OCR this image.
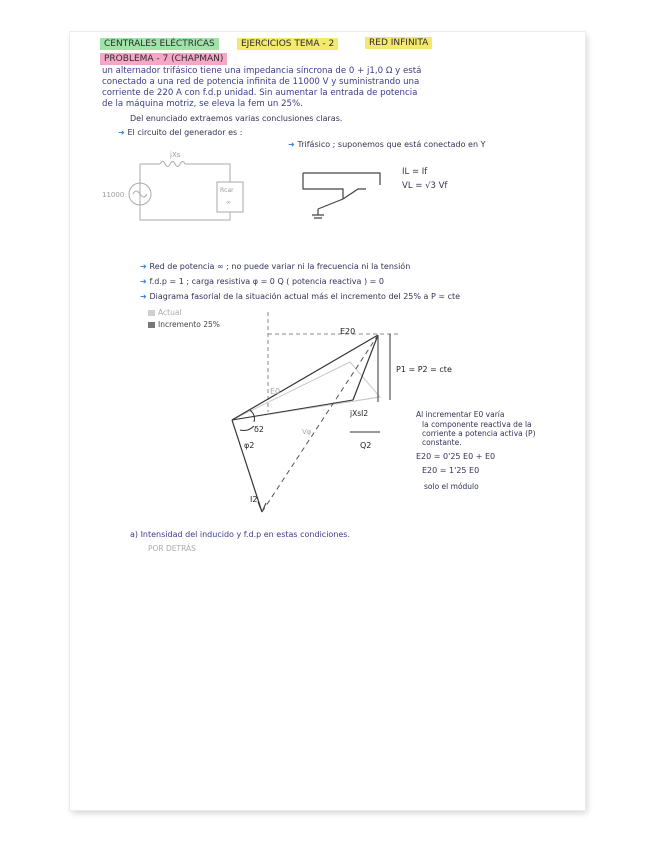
CENTRALES ELÉCTRICAS	EJERCICIOS TEMA - 2	RED INFINITA
PROBLEMA - 7 (CHAPMAN)
un alternador trifásico tiene una impedancia síncrona de 0 + j1,0 Ω y está
conectado a una red de potencia infinita de 11000 V y suministrando una
corriente de 220 A con f.d.p unidad. Sin aumentar la entrada de potencia
de la máquina motriz, se eleva la fem un 25%.
Del enunciado extraemos varias conclusiones claras.
➜ El circuito del generador es :
jXs
11000
Rcar
∞
➜ Trifásico ; suponemos que está conectado en Y
IL = If
VL = √3 Vf
➜ Red de potencia ∞ ; no puede variar ni la frecuencia ni la tensión
➜ f.d.p = 1 ; carga resistiva φ = 0 Q ( potencia reactiva ) = 0
➜ Diagrama fasorial de la situación actual más el incremento del 25% a P = cte
Actual
Incremento 25%
E20
E0
δ2
φ2
I2
jXsI2
Q2
P1 = P2 = cte
Vφ
Al incrementar E0 varía
la componente reactiva de la
corriente a potencia activa (P)
constante.
E20 = 0'25 E0 + E0
E20 = 1'25 E0
solo el módulo
a) Intensidad del inducido y f.d.p en estas condiciones.
POR DETRÁS
